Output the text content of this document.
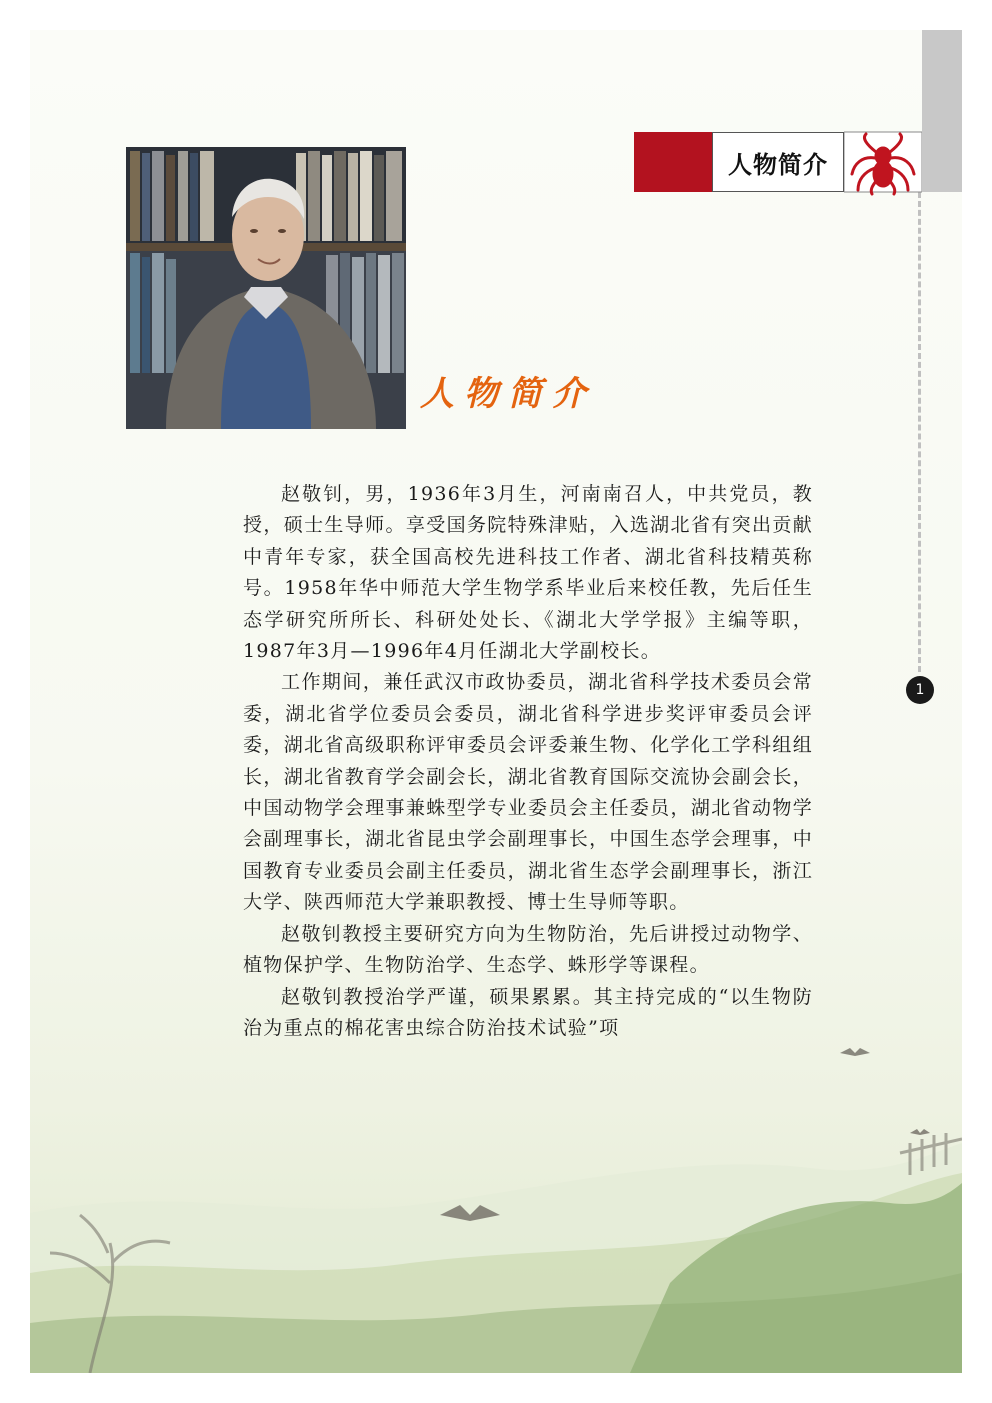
1
人物简介
人物简介

赵敬钊，男，1936年3月生，河南南召人，中共党员，教授，硕士生导师。享受国务院特殊津贴，入选湖北省有突出贡献中青年专家，获全国高校先进科技工作者、湖北省科技精英称号。1958年华中师范大学生物学系毕业后来校任教，先后任生态学研究所所长、科研处处长、《湖北大学学报》主编等职，1987年3月—1996年4月任湖北大学副校长。

工作期间，兼任武汉市政协委员，湖北省科学技术委员会常委，湖北省学位委员会委员，湖北省科学进步奖评审委员会评委，湖北省高级职称评审委员会评委兼生物、化学化工学科组组长，湖北省教育学会副会长，湖北省教育国际交流协会副会长，中国动物学会理事兼蛛型学专业委员会主任委员，湖北省动物学会副理事长，湖北省昆虫学会副理事长，中国生态学会理事，中国教育专业委员会副主任委员，湖北省生态学会副理事长，浙江大学、陕西师范大学兼职教授、博士生导师等职。

赵敬钊教授主要研究方向为生物防治，先后讲授过动物学、植物保护学、生物防治学、生态学、蛛形学等课程。

赵敬钊教授治学严谨，硕果累累。其主持完成的“以生物防治为重点的棉花害虫综合防治技术试验”项
